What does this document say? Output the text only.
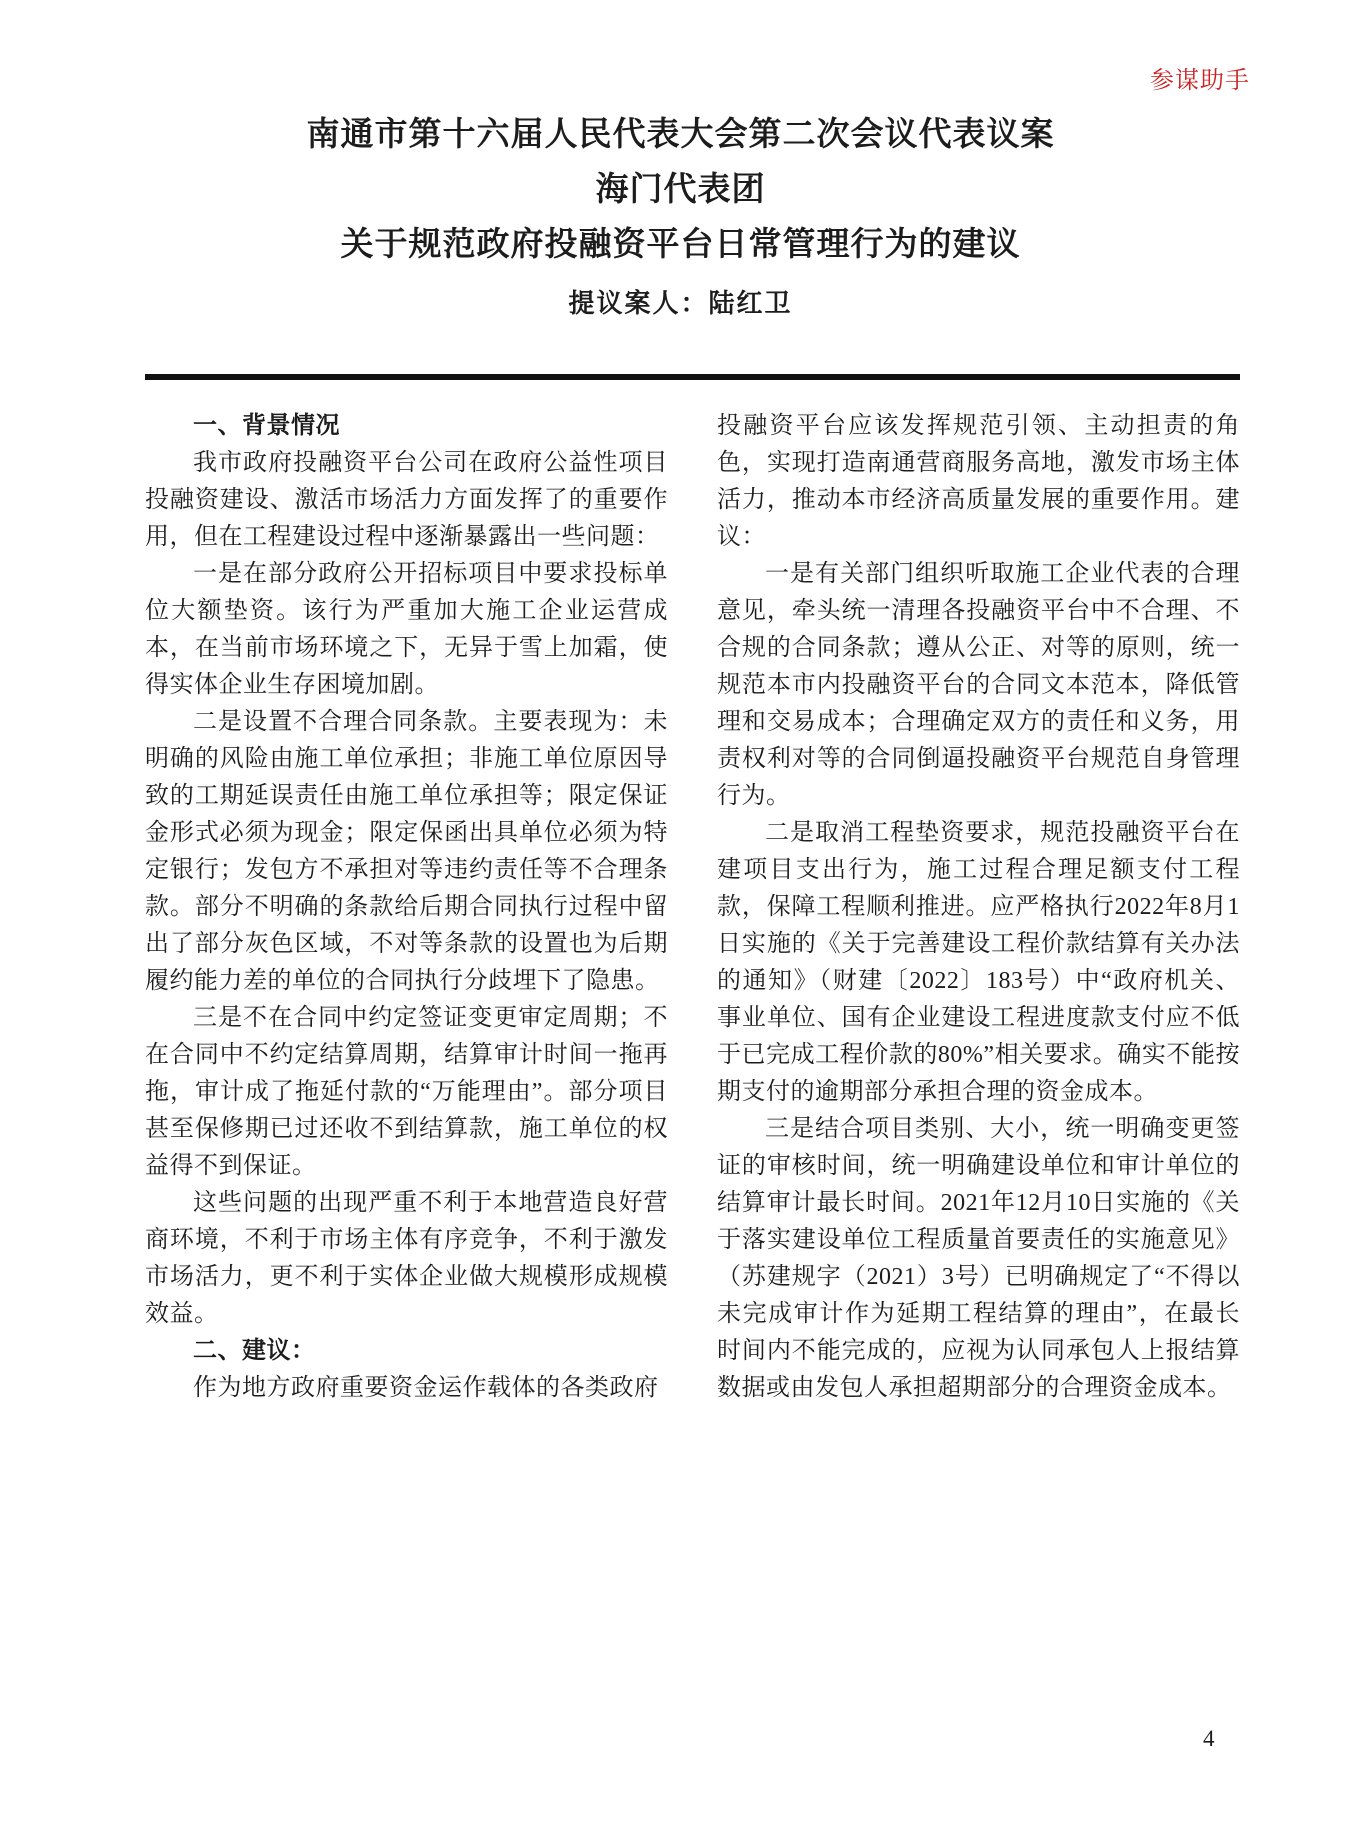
参谋助手
南通市第十六届人民代表大会第二次会议代表议案
海门代表团
关于规范政府投融资平台日常管理行为的建议
提议案人：陆红卫

一、背景情况

我市政府投融资平台公司在政府公益性项目投融资建设、激活市场活力方面发挥了的重要作用，但在工程建设过程中逐渐暴露出一些问题：

一是在部分政府公开招标项目中要求投标单位大额垫资。该行为严重加大施工企业运营成本，在当前市场环境之下，无异于雪上加霜，使得实体企业生存困境加剧。

二是设置不合理合同条款。主要表现为：未明确的风险由施工单位承担；非施工单位原因导致的工期延误责任由施工单位承担等；限定保证金形式必须为现金；限定保函出具单位必须为特定银行；发包方不承担对等违约责任等不合理条款。部分不明确的条款给后期合同执行过程中留出了部分灰色区域，不对等条款的设置也为后期履约能力差的单位的合同执行分歧埋下了隐患。

三是不在合同中约定签证变更审定周期；不在合同中不约定结算周期，结算审计时间一拖再拖，审计成了拖延付款的“万能理由”。部分项目甚至保修期已过还收不到结算款，施工单位的权益得不到保证。

这些问题的出现严重不利于本地营造良好营商环境，不利于市场主体有序竞争，不利于激发市场活力，更不利于实体企业做大规模形成规模效益。

二、建议：

作为地方政府重要资金运作载体的各类政府

投融资平台应该发挥规范引领、主动担责的角色，实现打造南通营商服务高地，激发市场主体活力，推动本市经济高质量发展的重要作用。建议：

一是有关部门组织听取施工企业代表的合理意见，牵头统一清理各投融资平台中不合理、不合规的合同条款；遵从公正、对等的原则，统一规范本市内投融资平台的合同文本范本，降低管理和交易成本；合理确定双方的责任和义务，用责权利对等的合同倒逼投融资平台规范自身管理行为。

二是取消工程垫资要求，规范投融资平台在建项目支出行为，施工过程合理足额支付工程款，保障工程顺利推进。应严格执行2022年8月1日实施的《关于完善建设工程价款结算有关办法的通知》（财建〔2022〕183号）中“政府机关、事业单位、国有企业建设工程进度款支付应不低于已完成工程价款的80%”相关要求。确实不能按期支付的逾期部分承担合理的资金成本。

三是结合项目类别、大小，统一明确变更签证的审核时间，统一明确建设单位和审计单位的结算审计最长时间。2021年12月10日实施的《关于落实建设单位工程质量首要责任的实施意见》（苏建规字（2021）3号）已明确规定了“不得以未完成审计作为延期工程结算的理由”，在最长时间内不能完成的，应视为认同承包人上报结算数据或由发包人承担超期部分的合理资金成本。

4
